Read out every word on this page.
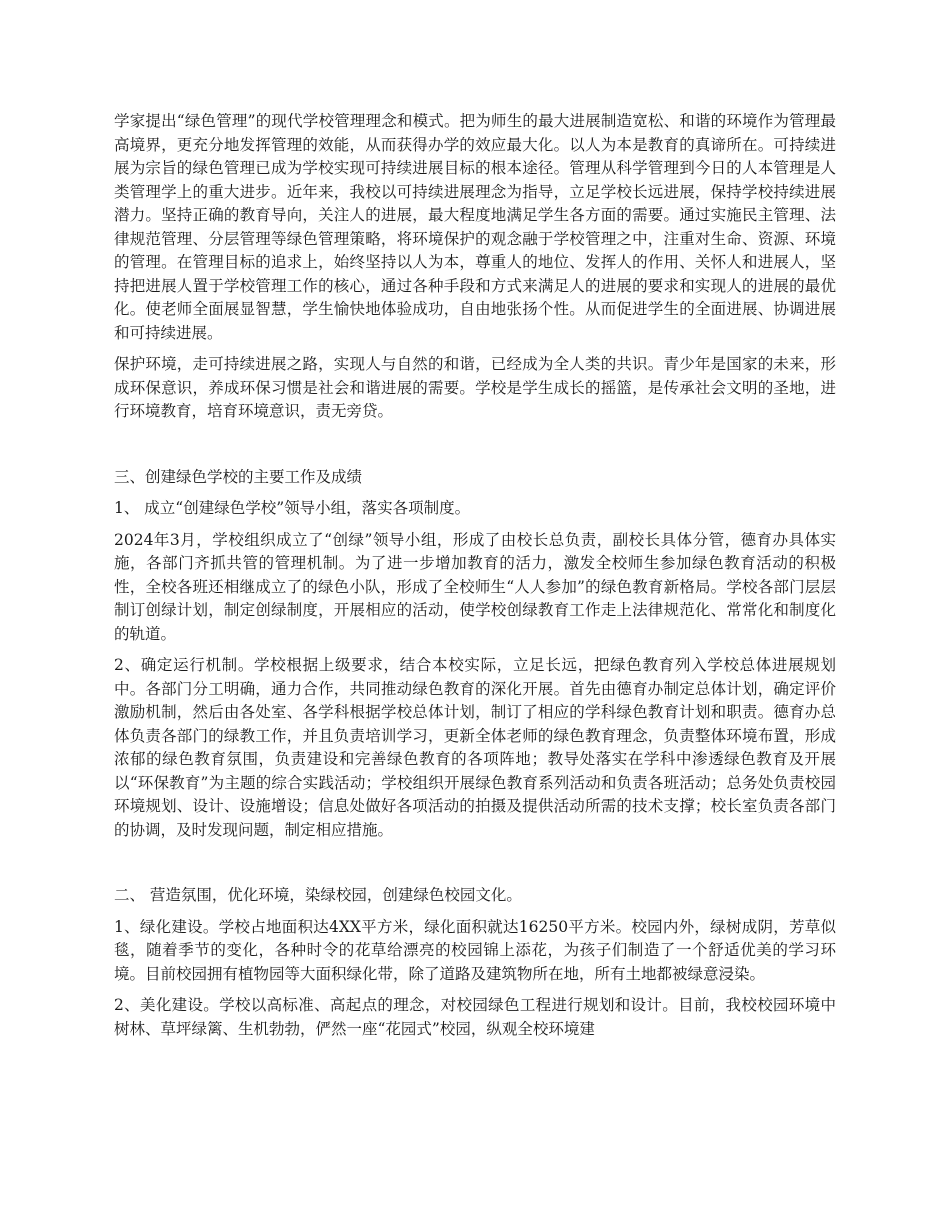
学家提出“绿色管理”的现代学校管理理念和模式。把为师生的最大进展制造宽松、和谐的环境作为管理最高境界，更充分地发挥管理的效能，从而获得办学的效应最大化。以人为本是教育的真谛所在。可持续进展为宗旨的绿色管理已成为学校实现可持续进展目标的根本途径。管理从科学管理到今日的人本管理是人类管理学上的重大进步。近年来，我校以可持续进展理念为指导，立足学校长远进展，保持学校持续进展潜力。坚持正确的教育导向，关注人的进展，最大程度地满足学生各方面的需要。通过实施民主管理、法律规范管理、分层管理等绿色管理策略，将环境保护的观念融于学校管理之中，注重对生命、资源、环境的管理。在管理目标的追求上，始终坚持以人为本，尊重人的地位、发挥人的作用、关怀人和进展人，坚持把进展人置于学校管理工作的核心，通过各种手段和方式来满足人的进展的要求和实现人的进展的最优化。使老师全面展显智慧，学生愉快地体验成功，自由地张扬个性。从而促进学生的全面进展、协调进展和可持续进展。

保护环境，走可持续进展之路，实现人与自然的和谐，已经成为全人类的共识。青少年是国家的未来，形成环保意识，养成环保习惯是社会和谐进展的需要。学校是学生成长的摇篮，是传承社会文明的圣地，进行环境教育，培育环境意识，责无旁贷。

三、创建绿色学校的主要工作及成绩

1、 成立“创建绿色学校”领导小组，落实各项制度。

2024年3月，学校组织成立了“创绿”领导小组，形成了由校长总负责，副校长具体分管，德育办具体实施，各部门齐抓共管的管理机制。为了进一步增加教育的活力，激发全校师生参加绿色教育活动的积极性，全校各班还相继成立了的绿色小队，形成了全校师生“人人参加”的绿色教育新格局。学校各部门层层制订创绿计划，制定创绿制度，开展相应的活动，使学校创绿教育工作走上法律规范化、常常化和制度化的轨道。

2、确定运行机制。学校根据上级要求，结合本校实际，立足长远，把绿色教育列入学校总体进展规划中。各部门分工明确，通力合作，共同推动绿色教育的深化开展。首先由德育办制定总体计划，确定评价激励机制，然后由各处室、各学科根据学校总体计划，制订了相应的学科绿色教育计划和职责。德育办总体负责各部门的绿教工作，并且负责培训学习，更新全体老师的绿色教育理念，负责整体环境布置，形成浓郁的绿色教育氛围，负责建设和完善绿色教育的各项阵地；教导处落实在学科中渗透绿色教育及开展以“环保教育”为主题的综合实践活动；学校组织开展绿色教育系列活动和负责各班活动；总务处负责校园环境规划、设计、设施增设；信息处做好各项活动的拍摄及提供活动所需的技术支撑；校长室负责各部门的协调，及时发现问题，制定相应措施。

二、 营造氛围，优化环境，染绿校园，创建绿色校园文化。

1、绿化建设。学校占地面积达4XX平方米，绿化面积就达16250平方米。校园内外，绿树成阴，芳草似毯，随着季节的变化，各种时令的花草给漂亮的校园锦上添花，为孩子们制造了一个舒适优美的学习环境。目前校园拥有植物园等大面积绿化带，除了道路及建筑物所在地，所有土地都被绿意浸染。

2、美化建设。学校以高标准、高起点的理念，对校园绿色工程进行规划和设计。目前，我校校园环境中树林、草坪绿篱、生机勃勃，俨然一座“花园式”校园，纵观全校环境建
